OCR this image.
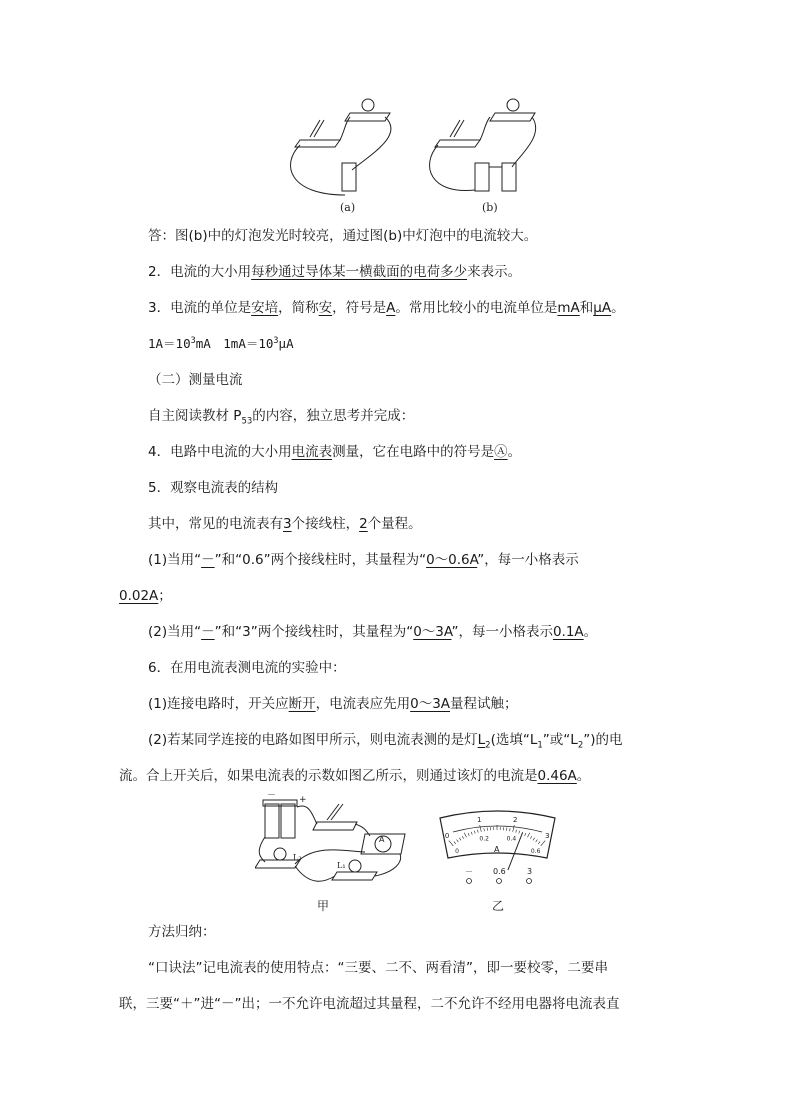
(a)	(b)
答：图(b)中的灯泡发光时较亮，通过图(b)中灯泡中的电流较大。
2．电流的大小用每秒通过导体某一横截面的电荷多少来表示。
3．电流的单位是安培，简称安，符号是A。常用比较小的电流单位是mA和μA。
$1A=10^3mA$　$1mA=10^3\mu A$
（二）测量电流
自主阅读教材 $P_{53}$的内容，独立思考并完成：
4．电路中电流的大小用电流表测量，它在电路中的符号是Ⓐ。
5．观察电流表的结构
其中，常见的电流表有3个接线柱，2个量程。
(1)当用“－”和“0.6”两个接线柱时，其量程为“0～0.6A”，每一小格表示
0.02A；
(2)当用“－”和“3”两个接线柱时，其量程为“0～3A”，每一小格表示0.1A。
6．在用电流表测电流的实验中：
(1)连接电路时，开关应断开，电流表应先用0～3A量程试触；
(2)若某同学连接的电路如图甲所示，则电流表测的是灯$L_2$(选填“$L_1$”或“$L_2$”)的电
流。合上开关后，如果电流表的示数如图乙所示，则通过该灯的电流是0.46A。
－	+
A
L₂
L₁
甲
0
1	2
3
0
0.2	0.4
0.6
A
－	0.6	3
乙
方法归纳：
“口诀法”记电流表的使用特点：“三要、二不、两看清”，即一要校零，二要串
联，三要“＋”进“－”出；一不允许电流超过其量程，二不允许不经用电器将电流表直
